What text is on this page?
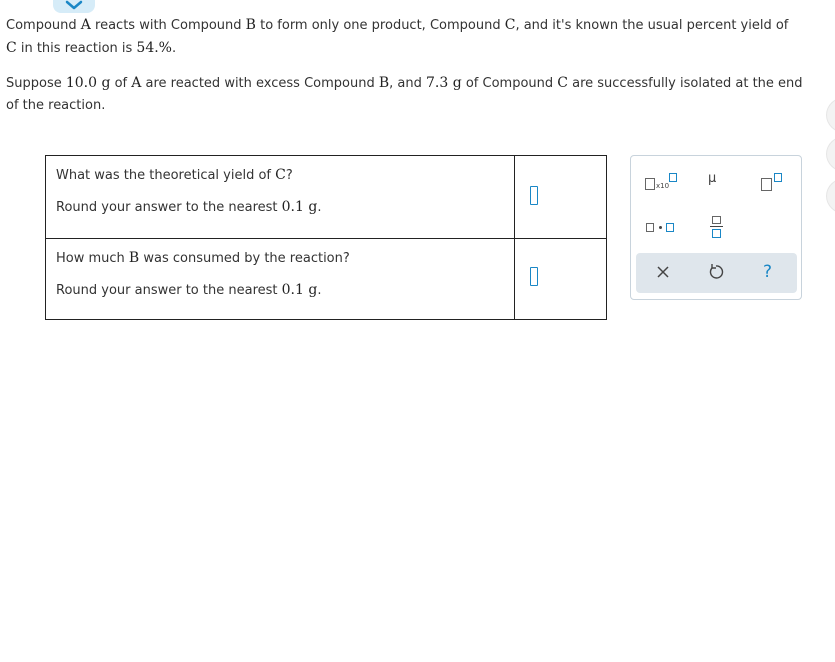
Compound A reacts with Compound B to form only one product, Compound C, and it's known the usual percent yield of
C in this reaction is 54.%.

Suppose 10.0 g of A are reacted with excess Compound B, and 7.3 g of Compound C are successfully isolated at the end
of the reaction.

What was the theoretical yield of C?
Round your answer to the nearest 0.1 g.
How much B was consumed by the reaction?
Round your answer to the nearest 0.1 g.
x10	μ
?
